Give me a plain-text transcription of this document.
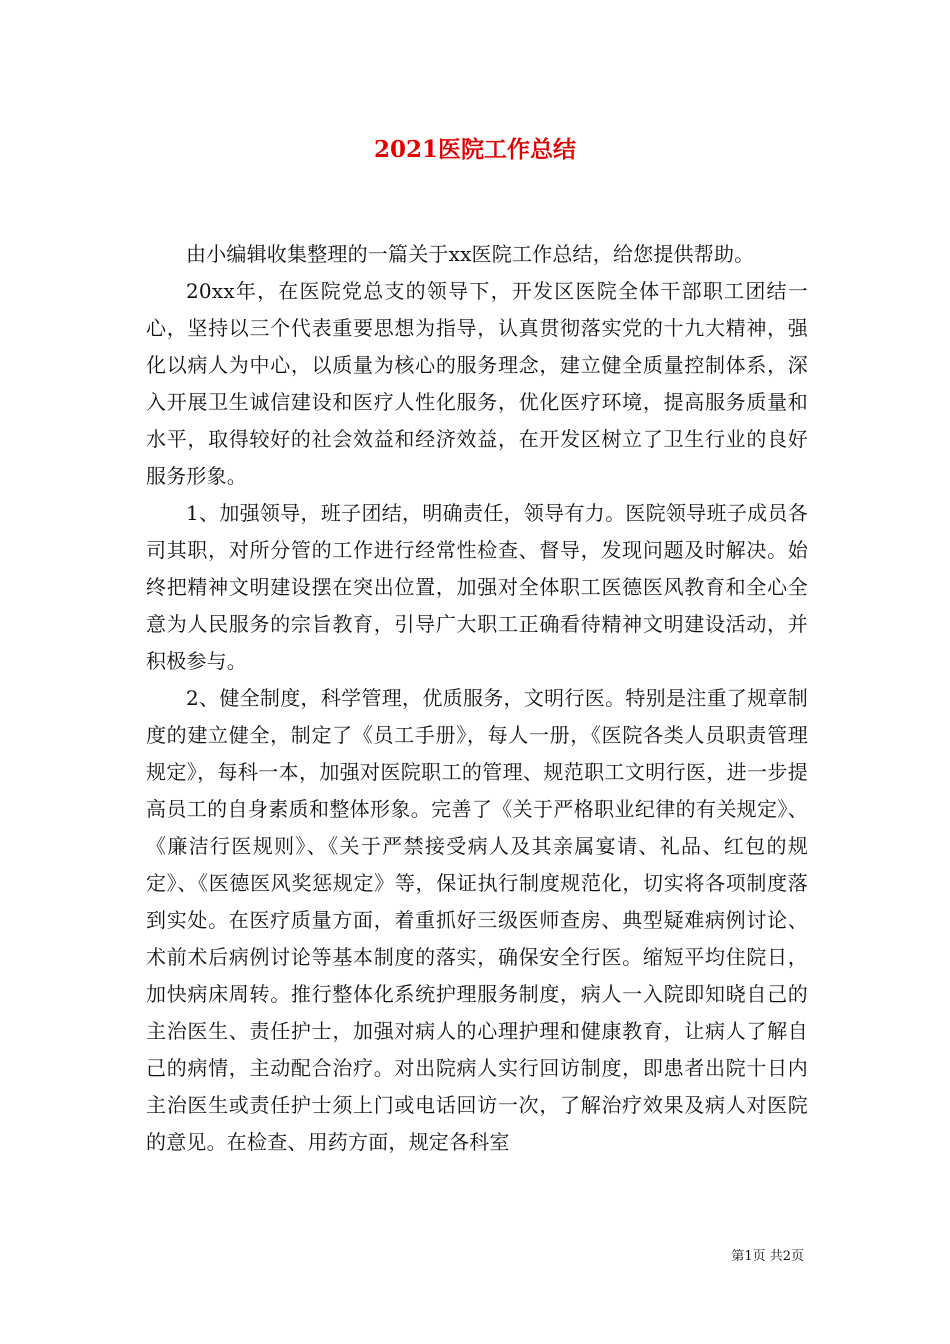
2021医院工作总结

由小编辑收集整理的一篇关于xx医院工作总结，给您提供帮助。

20xx年，在医院党总支的领导下，开发区医院全体干部职工团结一心，坚持以三个代表重要思想为指导，认真贯彻落实党的十九大精神，强化以病人为中心，以质量为核心的服务理念，建立健全质量控制体系，深入开展卫生诚信建设和医疗人性化服务，优化医疗环境，提高服务质量和水平，取得较好的社会效益和经济效益，在开发区树立了卫生行业的良好服务形象。

1、加强领导，班子团结，明确责任，领导有力。医院领导班子成员各司其职，对所分管的工作进行经常性检查、督导，发现问题及时解决。始终把精神文明建设摆在突出位置，加强对全体职工医德医风教育和全心全意为人民服务的宗旨教育，引导广大职工正确看待精神文明建设活动，并积极参与。

2、健全制度，科学管理，优质服务，文明行医。特别是注重了规章制度的建立健全，制定了《员工手册》，每人一册，《医院各类人员职责管理规定》，每科一本，加强对医院职工的管理、规范职工文明行医，进一步提高员工的自身素质和整体形象。完善了《关于严格职业纪律的有关规定》、《廉洁行医规则》、《关于严禁接受病人及其亲属宴请、礼品、红包的规定》、《医德医风奖惩规定》等，保证执行制度规范化，切实将各项制度落到实处。在医疗质量方面，着重抓好三级医师查房、典型疑难病例讨论、术前术后病例讨论等基本制度的落实，确保安全行医。缩短平均住院日，加快病床周转。推行整体化系统护理服务制度，病人一入院即知晓自己的主治医生、责任护士，加强对病人的心理护理和健康教育，让病人了解自己的病情，主动配合治疗。对出院病人实行回访制度，即患者出院十日内主治医生或责任护士须上门或电话回访一次，了解治疗效果及病人对医院的意见。在检查、用药方面，规定各科室

第1页 共2页
